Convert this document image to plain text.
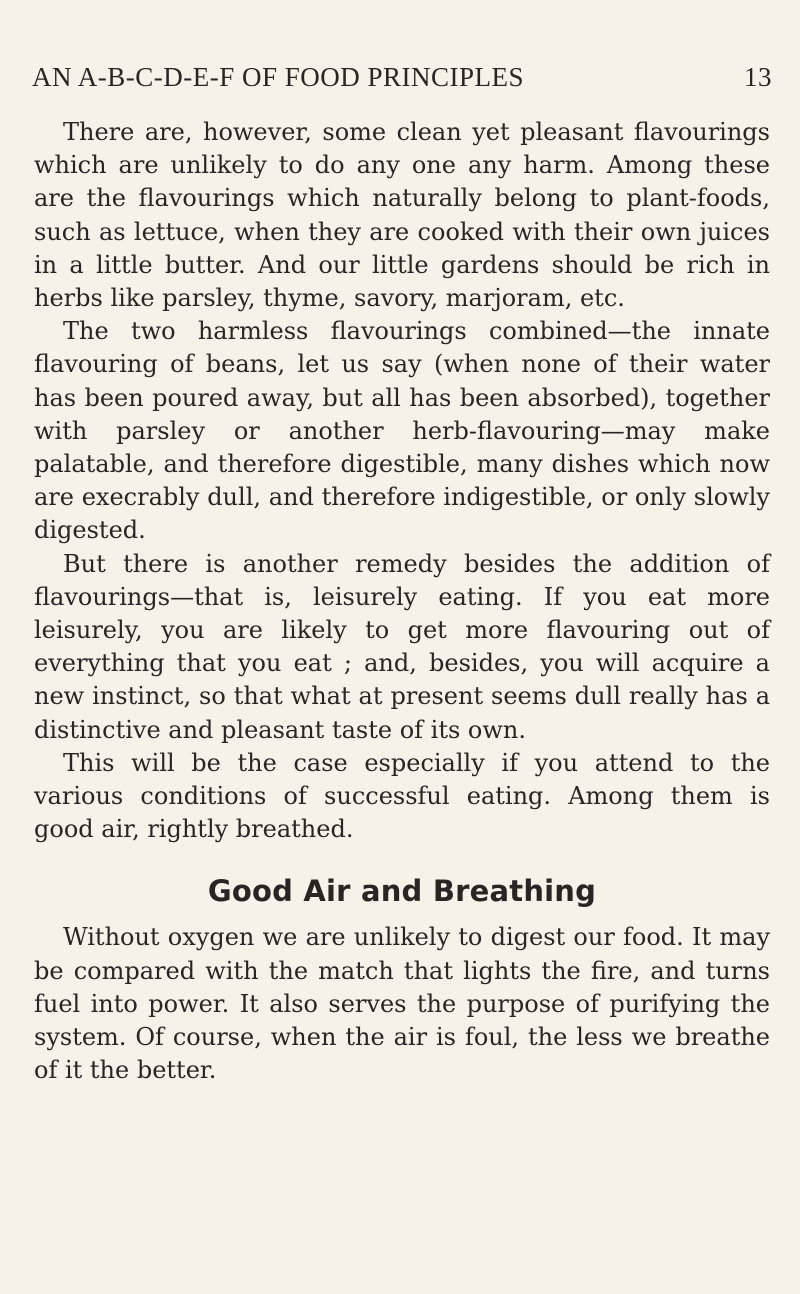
AN A-B-C-D-E-F OF FOOD PRINCIPLES	13

There are, however, some clean yet pleasant flavourings which are unlikely to do any one any harm. Among these are the flavourings which naturally belong to plant-foods, such as lettuce, when they are cooked with their own juices in a little butter. And our little gardens should be rich in herbs like parsley, thyme, savory, marjoram, etc.

The two harmless flavourings combined—the innate flavouring of beans, let us say (when none of their water has been poured away, but all has been absorbed), together with parsley or another herb-flavouring—may make palatable, and therefore digestible, many dishes which now are execrably dull, and therefore indigestible, or only slowly digested.

But there is another remedy besides the addition of flavourings—that is, leisurely eating. If you eat more leisurely, you are likely to get more flavouring out of everything that you eat ; and, besides, you will acquire a new instinct, so that what at present seems dull really has a distinctive and pleasant taste of its own.

This will be the case especially if you attend to the various conditions of successful eating. Among them is good air, rightly breathed.

Good Air and Breathing

Without oxygen we are unlikely to digest our food. It may be compared with the match that lights the fire, and turns fuel into power. It also serves the purpose of purifying the system. Of course, when the air is foul, the less we breathe of it the better.
